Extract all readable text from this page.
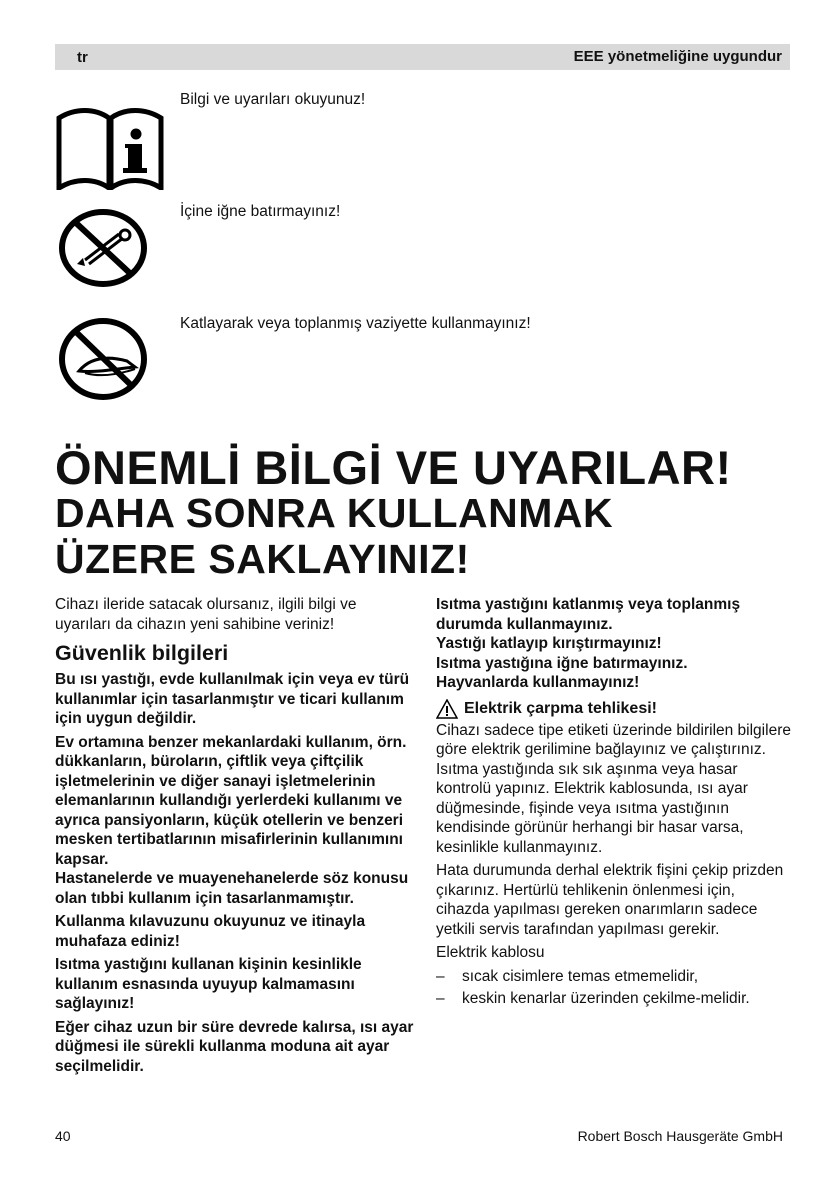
tr	EEE yönetmeliğine uygundur
Bilgi ve uyarıları okuyunuz!
İçine iğne batırmayınız!
Katlayarak veya toplanmış vaziyette kullanmayınız!
ÖNEMLİ BİLGİ VE UYARILAR!
DAHA SONRA KULLANMAK
ÜZERE SAKLAYINIZ!

Cihazı ileride satacak olursanız, ilgili bilgi ve uyarıları da cihazın yeni sahibine veriniz!

Güvenlik bilgileri

Bu ısı yastığı, evde kullanılmak için veya ev türü kullanımlar için tasarlanmıştır ve ticari kullanım için uygun değildir.

Ev ortamına benzer mekanlardaki kullanım, örn. dükkanların, büroların, çiftlik veya çiftçilik işletmelerinin ve diğer sanayi işletmelerinin elemanlarının kullandığı yerlerdeki kullanımı ve ayrıca pansiyonların, küçük otellerin ve benzeri mesken tertibatlarının misafirlerinin kullanımını kapsar.

Hastanelerde ve muayenehanelerde söz konusu olan tıbbi kullanım için tasarlanmamıştır.

Kullanma kılavuzunu okuyunuz ve itinayla muhafaza ediniz!

Isıtma yastığını kullanan kişinin kesinlikle kullanım esnasında uyuyup kalmamasını sağlayınız!

Eğer cihaz uzun bir süre devrede kalırsa, ısı ayar düğmesi ile sürekli kullanma moduna ait ayar seçilmelidir.

Isıtma yastığını katlanmış veya toplanmış durumda kullanmayınız.

Yastığı katlayıp kırıştırmayınız!

Isıtma yastığına iğne batırmayınız.

Hayvanlarda kullanmayınız!

Elektrik çarpma tehlikesi!

Cihazı sadece tipe etiketi üzerinde bildirilen bilgilere göre elektrik gerilimine bağlayınız ve çalıştırınız. Isıtma yastığında sık sık aşınma veya hasar kontrolü yapınız. Elektrik kablosunda, ısı ayar düğmesinde, fişinde veya ısıtma yastığının kendisinde görünür herhangi bir hasar varsa, kesinlikle kullanmayınız.

Hata durumunda derhal elektrik fişini çekip prizden çıkarınız. Hertürlü tehlikenin önlenmesi için, cihazda yapılması gereken onarımların sadece yetkili servis tarafından yapılması gerekir.

Elektrik kablosu

–	sıcak cisimlere temas etmemelidir,
–	keskin kenarlar üzerinden çekilme-melidir.
40	Robert Bosch Hausgeräte GmbH
